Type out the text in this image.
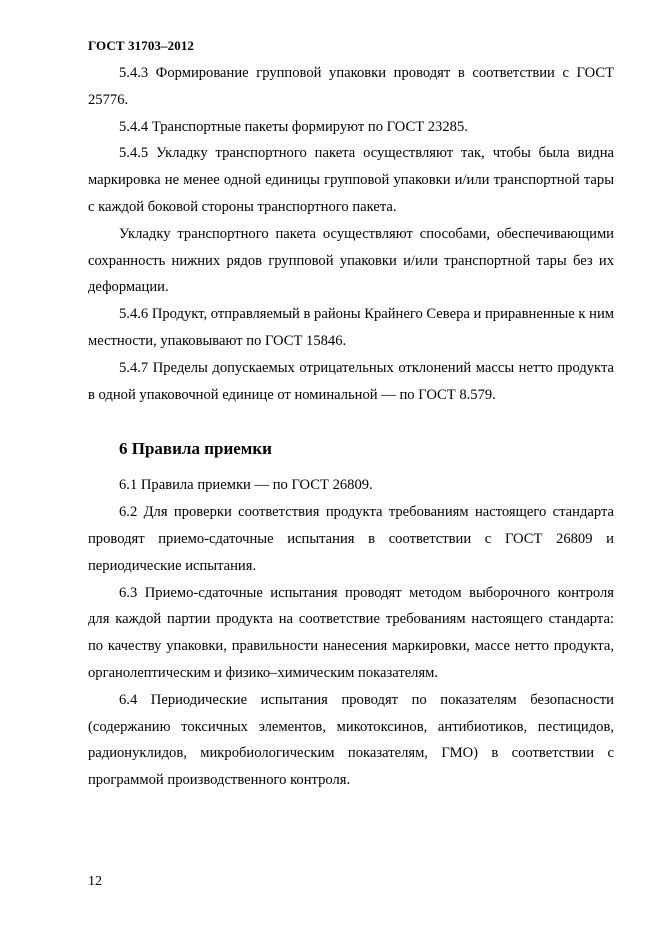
ГОСТ 31703–2012

5.4.3 Формирование групповой упаковки проводят в соответствии с ГОСТ 25776.

5.4.4 Транспортные пакеты формируют по ГОСТ 23285.

5.4.5 Укладку транспортного пакета осуществляют так, чтобы была видна маркировка не менее одной единицы групповой упаковки и/или транспортной тары с каждой боковой стороны транспортного пакета.

Укладку транспортного пакета осуществляют способами, обеспечивающими сохранность нижних рядов групповой упаковки и/или транспортной тары без их деформации.

5.4.6 Продукт, отправляемый в районы Крайнего Севера и приравненные к ним местности, упаковывают по ГОСТ 15846.

5.4.7 Пределы допускаемых отрицательных отклонений массы нетто продукта в одной упаковочной единице от номинальной — по ГОСТ 8.579.

6 Правила приемки

6.1 Правила приемки — по ГОСТ 26809.

6.2 Для проверки соответствия продукта требованиям настоящего стандарта проводят приемо-сдаточные испытания в соответствии с ГОСТ 26809 и периодические испытания.

6.3 Приемо-сдаточные испытания проводят методом выборочного контроля для каждой партии продукта на соответствие требованиям настоящего стандарта: по качеству упаковки, правильности нанесения маркировки, массе нетто продукта, органолептическим и физико–химическим показателям.

6.4 Периодические испытания проводят по показателям безопасности (содержанию токсичных элементов, микотоксинов, антибиотиков, пестицидов, радионуклидов, микробиологическим показателям, ГМО) в соответствии с программой производственного контроля.

12
